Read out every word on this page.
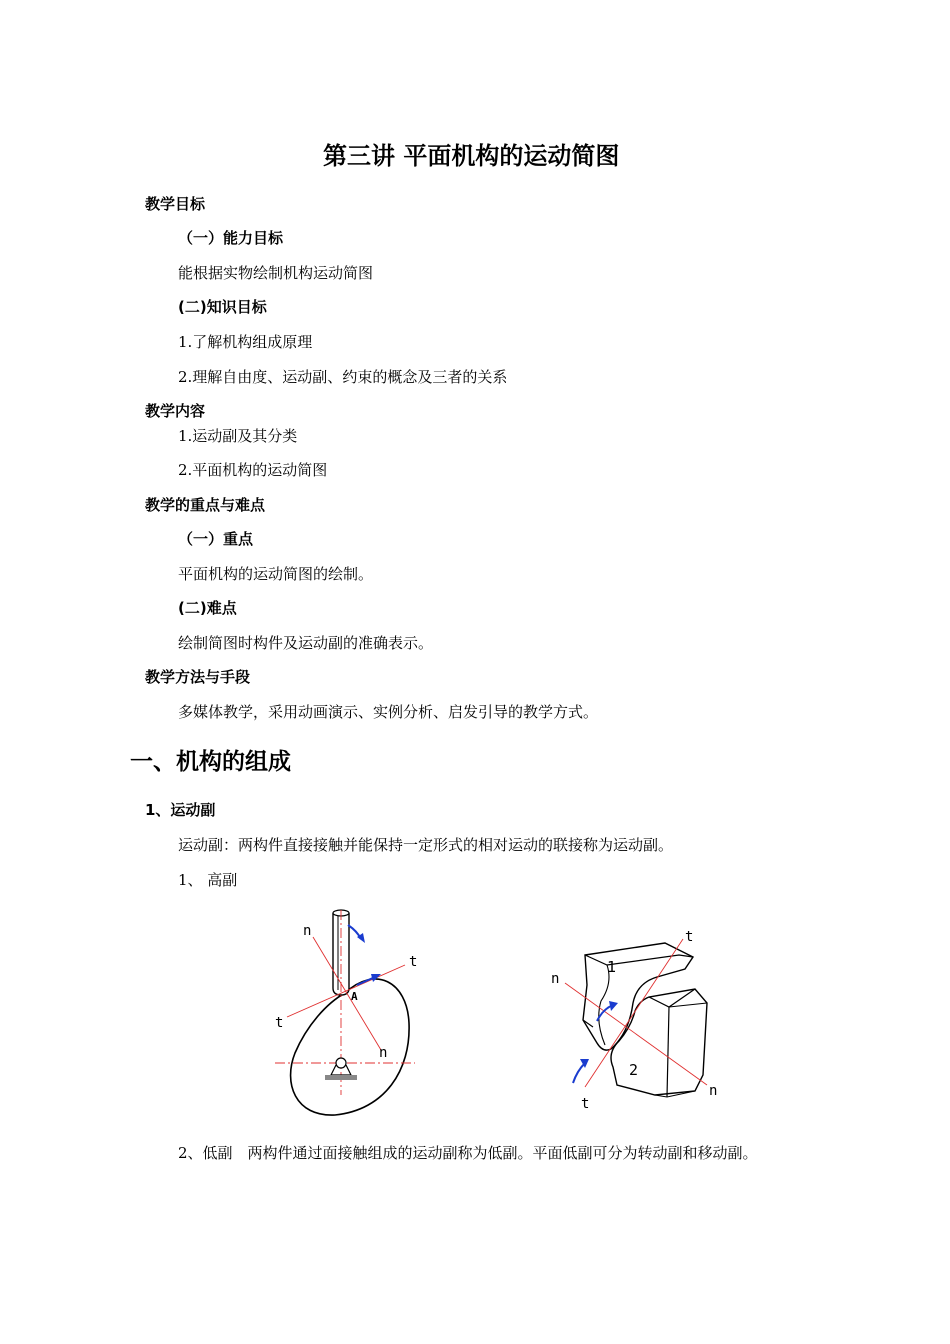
第三讲 平面机构的运动简图
教学目标
（一）能力目标
能根据实物绘制机构运动简图
(二)知识目标
1.了解机构组成原理
2.理解自由度、运动副、约束的概念及三者的关系
教学内容
1.运动副及其分类
2.平面机构的运动简图
教学的重点与难点
（一）重点
平面机构的运动简图的绘制。
(二)难点
绘制简图时构件及运动副的准确表示。
教学方法与手段
多媒体教学，采用动画演示、实例分析、启发引导的教学方式。
一、机构的组成
1、运动副
运动副：两构件直接接触并能保持一定形式的相对运动的联接称为运动副。
1、 高副
n
t
A
t
n
t
n
1
2
t
n
2、低副　两构件通过面接触组成的运动副称为低副。平面低副可分为转动副和移动副。
